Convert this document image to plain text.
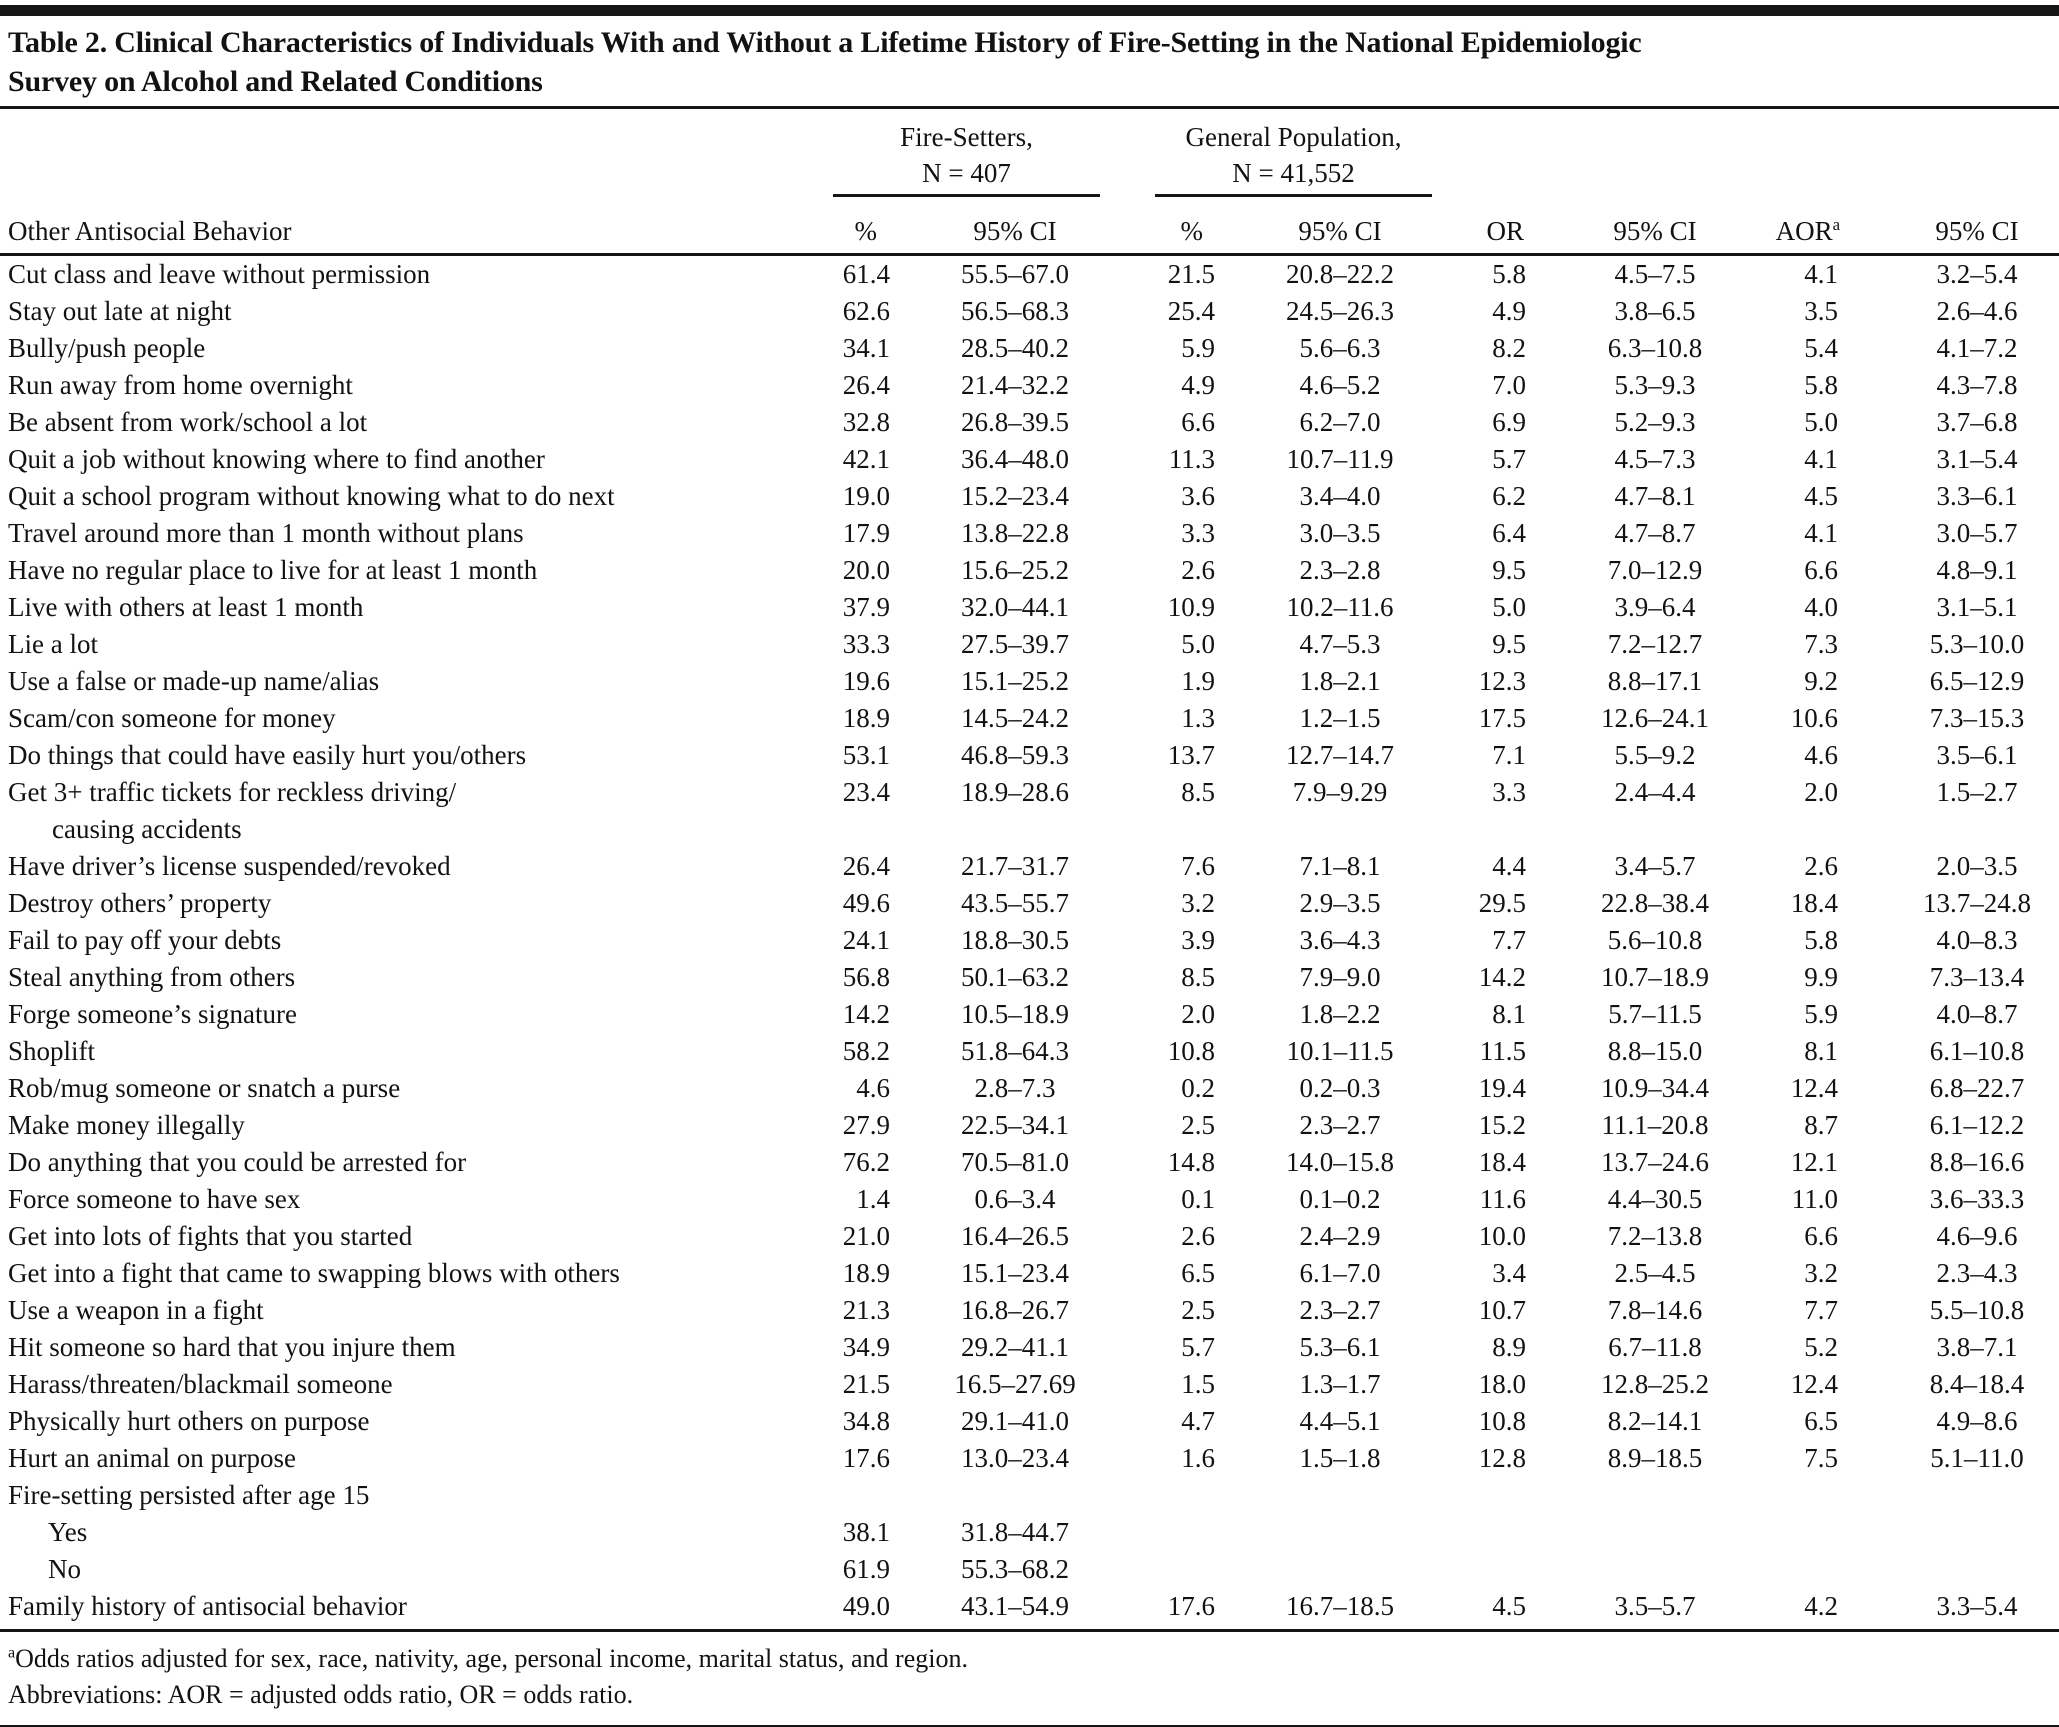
Table 2. Clinical Characteristics of Individuals With and Without a Lifetime History of Fire-Setting in the National Epidemiologic
Survey on Alcohol and Related Conditions

	Fire-Setters,
N = 407		General Population,
N = 41,552					

Other Antisocial Behavior	%	95% CI	%	95% CI	OR	95% CI	AOR$^a$	95% CI
Cut class and leave without permission	61.4	55.5–67.0	21.5	20.8–22.2	5.8	4.5–7.5	4.1	3.2–5.4
Stay out late at night	62.6	56.5–68.3	25.4	24.5–26.3	4.9	3.8–6.5	3.5	2.6–4.6
Bully/push people	34.1	28.5–40.2	5.9	5.6–6.3	8.2	6.3–10.8	5.4	4.1–7.2
Run away from home overnight	26.4	21.4–32.2	4.9	4.6–5.2	7.0	5.3–9.3	5.8	4.3–7.8
Be absent from work/school a lot	32.8	26.8–39.5	6.6	6.2–7.0	6.9	5.2–9.3	5.0	3.7–6.8
Quit a job without knowing where to find another	42.1	36.4–48.0	11.3	10.7–11.9	5.7	4.5–7.3	4.1	3.1–5.4
Quit a school program without knowing what to do next	19.0	15.2–23.4	3.6	3.4–4.0	6.2	4.7–8.1	4.5	3.3–6.1
Travel around more than 1 month without plans	17.9	13.8–22.8	3.3	3.0–3.5	6.4	4.7–8.7	4.1	3.0–5.7
Have no regular place to live for at least 1 month	20.0	15.6–25.2	2.6	2.3–2.8	9.5	7.0–12.9	6.6	4.8–9.1
Live with others at least 1 month	37.9	32.0–44.1	10.9	10.2–11.6	5.0	3.9–6.4	4.0	3.1–5.1
Lie a lot	33.3	27.5–39.7	5.0	4.7–5.3	9.5	7.2–12.7	7.3	5.3–10.0
Use a false or made-up name/alias	19.6	15.1–25.2	1.9	1.8–2.1	12.3	8.8–17.1	9.2	6.5–12.9
Scam/con someone for money	18.9	14.5–24.2	1.3	1.2–1.5	17.5	12.6–24.1	10.6	7.3–15.3
Do things that could have easily hurt you/others	53.1	46.8–59.3	13.7	12.7–14.7	7.1	5.5–9.2	4.6	3.5–6.1
Get 3+ traffic tickets for reckless driving/
causing accidents	23.4	18.9–28.6	8.5	7.9–9.29	3.3	2.4–4.4	2.0	1.5–2.7
Have driver’s license suspended/revoked	26.4	21.7–31.7	7.6	7.1–8.1	4.4	3.4–5.7	2.6	2.0–3.5
Destroy others’ property	49.6	43.5–55.7	3.2	2.9–3.5	29.5	22.8–38.4	18.4	13.7–24.8
Fail to pay off your debts	24.1	18.8–30.5	3.9	3.6–4.3	7.7	5.6–10.8	5.8	4.0–8.3
Steal anything from others	56.8	50.1–63.2	8.5	7.9–9.0	14.2	10.7–18.9	9.9	7.3–13.4
Forge someone’s signature	14.2	10.5–18.9	2.0	1.8–2.2	8.1	5.7–11.5	5.9	4.0–8.7
Shoplift	58.2	51.8–64.3	10.8	10.1–11.5	11.5	8.8–15.0	8.1	6.1–10.8
Rob/mug someone or snatch a purse	4.6	2.8–7.3	0.2	0.2–0.3	19.4	10.9–34.4	12.4	6.8–22.7
Make money illegally	27.9	22.5–34.1	2.5	2.3–2.7	15.2	11.1–20.8	8.7	6.1–12.2
Do anything that you could be arrested for	76.2	70.5–81.0	14.8	14.0–15.8	18.4	13.7–24.6	12.1	8.8–16.6
Force someone to have sex	1.4	0.6–3.4	0.1	0.1–0.2	11.6	4.4–30.5	11.0	3.6–33.3
Get into lots of fights that you started	21.0	16.4–26.5	2.6	2.4–2.9	10.0	7.2–13.8	6.6	4.6–9.6
Get into a fight that came to swapping blows with others	18.9	15.1–23.4	6.5	6.1–7.0	3.4	2.5–4.5	3.2	2.3–4.3
Use a weapon in a fight	21.3	16.8–26.7	2.5	2.3–2.7	10.7	7.8–14.6	7.7	5.5–10.8
Hit someone so hard that you injure them	34.9	29.2–41.1	5.7	5.3–6.1	8.9	6.7–11.8	5.2	3.8–7.1
Harass/threaten/blackmail someone	21.5	16.5–27.69	1.5	1.3–1.7	18.0	12.8–25.2	12.4	8.4–18.4
Physically hurt others on purpose	34.8	29.1–41.0	4.7	4.4–5.1	10.8	8.2–14.1	6.5	4.9–8.6
Hurt an animal on purpose	17.6	13.0–23.4	1.6	1.5–1.8	12.8	8.9–18.5	7.5	5.1–11.0
Fire-setting persisted after age 15								
Yes	38.1	31.8–44.7						
No	61.9	55.3–68.2						
Family history of antisocial behavior	49.0	43.1–54.9	17.6	16.7–18.5	4.5	3.5–5.7	4.2	3.3–5.4
$^a$Odds ratios adjusted for sex, race, nativity, age, personal income, marital status, and region.
Abbreviations: AOR = adjusted odds ratio, OR = odds ratio.
